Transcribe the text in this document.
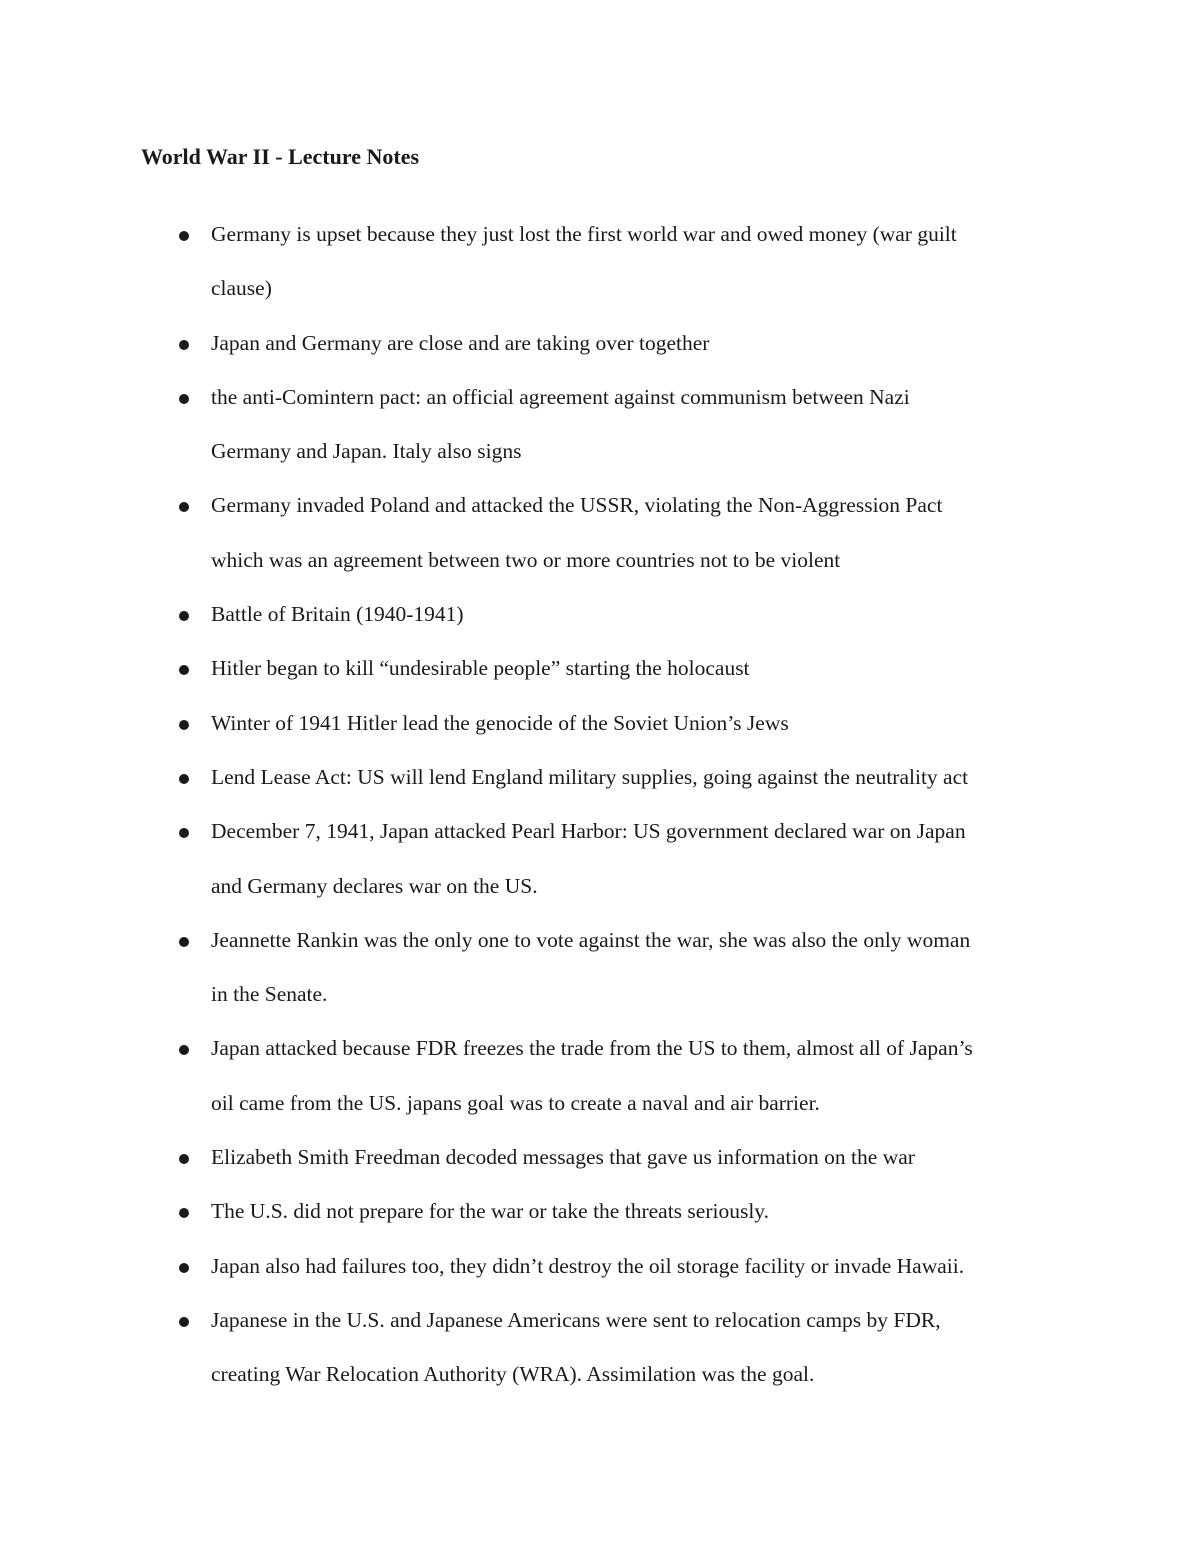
World War II - Lecture Notes
Germany is upset because they just lost the first world war and owed money (war guilt
clause)
Japan and Germany are close and are taking over together
the anti-Comintern pact: an official agreement against communism between Nazi
Germany and Japan. Italy also signs
Germany invaded Poland and attacked the USSR, violating the Non-Aggression Pact
which was an agreement between two or more countries not to be violent
Battle of Britain (1940-1941)
Hitler began to kill “undesirable people” starting the holocaust
Winter of 1941 Hitler lead the genocide of the Soviet Union’s Jews
Lend Lease Act: US will lend England military supplies, going against the neutrality act
December 7, 1941, Japan attacked Pearl Harbor: US government declared war on Japan
and Germany declares war on the US.
Jeannette Rankin was the only one to vote against the war, she was also the only woman
in the Senate.
Japan attacked because FDR freezes the trade from the US to them, almost all of Japan’s
oil came from the US. japans goal was to create a naval and air barrier.
Elizabeth Smith Freedman decoded messages that gave us information on the war
The U.S. did not prepare for the war or take the threats seriously.
Japan also had failures too, they didn’t destroy the oil storage facility or invade Hawaii.
Japanese in the U.S. and Japanese Americans were sent to relocation camps by FDR,
creating War Relocation Authority (WRA). Assimilation was the goal.
